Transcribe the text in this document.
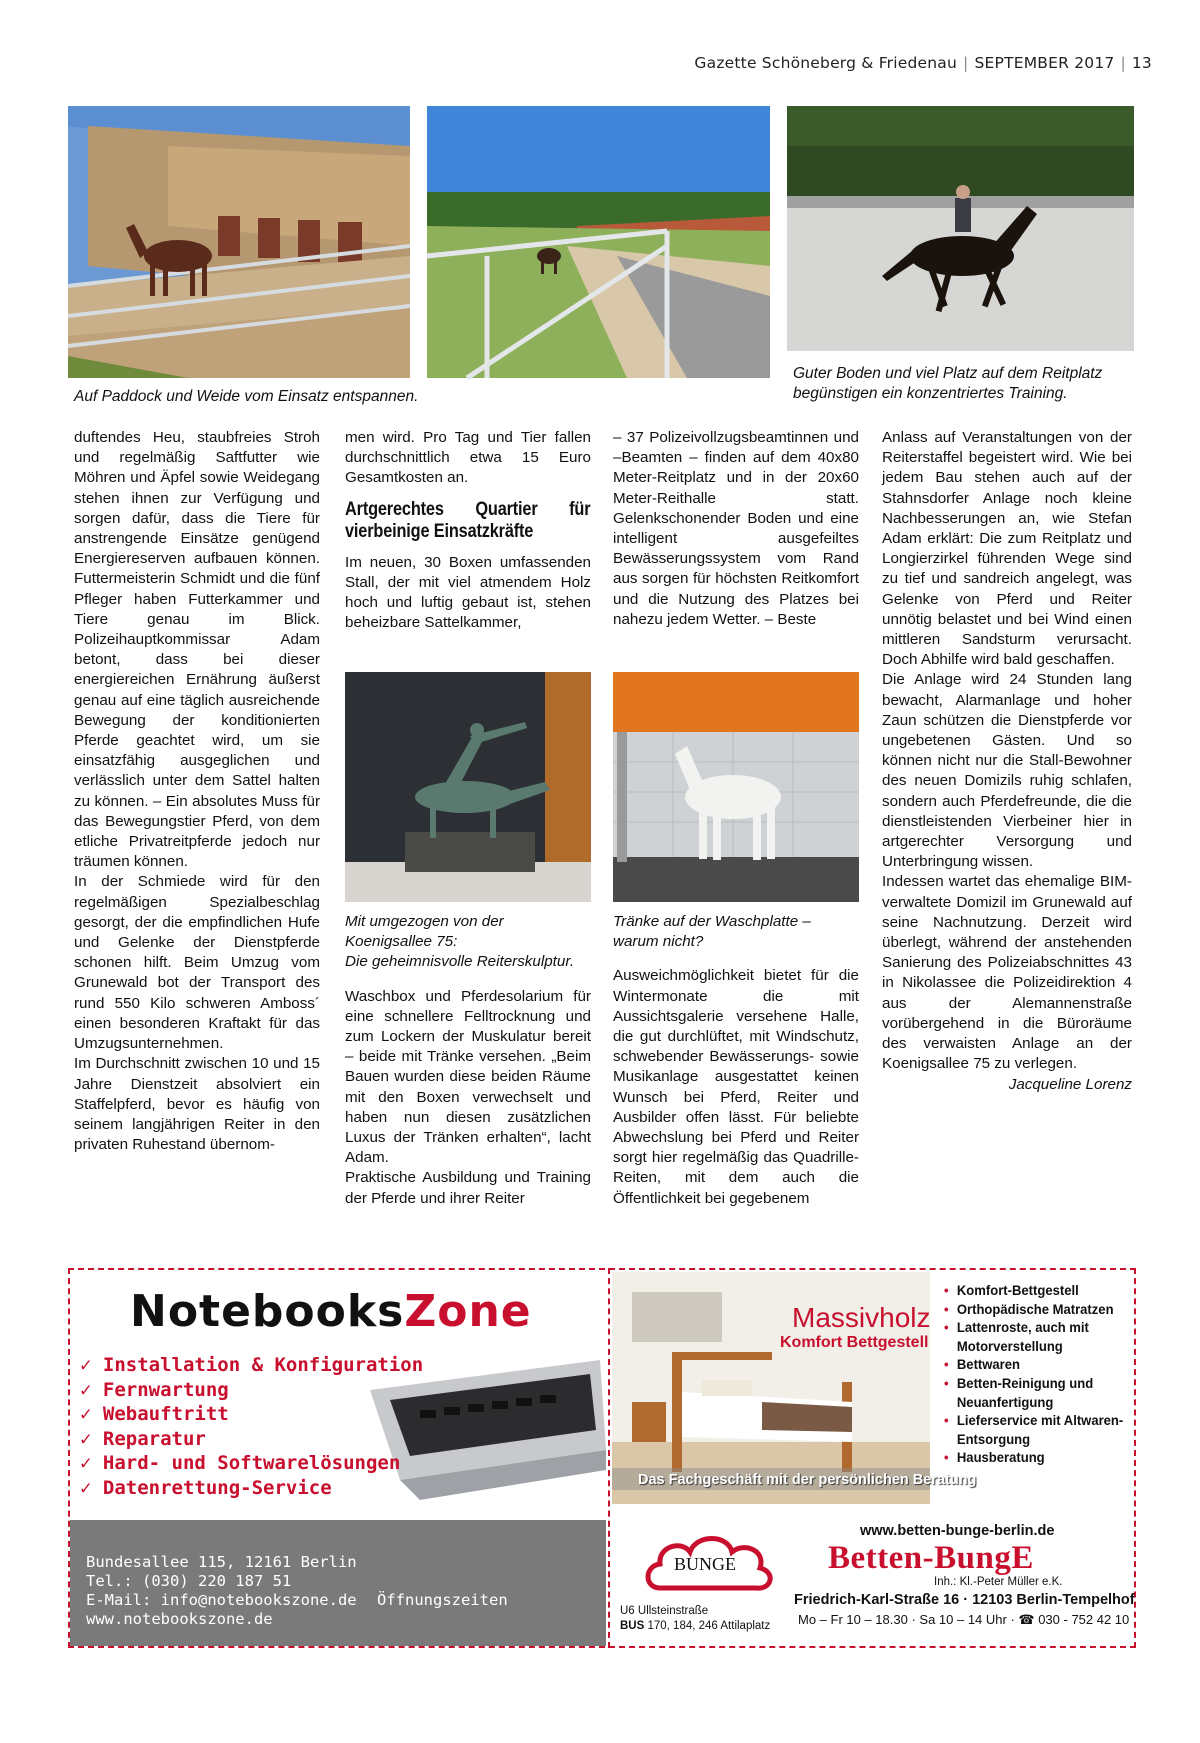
Gazette Schöneberg & Friedenau | SEPTEMBER 2017 | 13
Auf Paddock und Weide vom Einsatz entspannen.
Guter Boden und viel Platz auf dem Reitplatz
begünstigen ein konzentriertes Training.

duftendes Heu, staubfreies Stroh und regelmäßig Saftfutter wie Möhren und Äpfel sowie Weidegang stehen ihnen zur Verfügung und sorgen dafür, dass die Tiere für anstrengende Einsätze genügend Energiereserven aufbauen können. Futtermeisterin Schmidt und die fünf Pfleger haben Futterkammer und Tiere genau im Blick. Polizeihauptkommissar Adam betont, dass bei dieser energiereichen Ernährung äußerst genau auf eine täglich ausreichende Bewegung der konditionierten Pferde geachtet wird, um sie einsatzfähig ausgeglichen und verlässlich unter dem Sattel halten zu können. – Ein absolutes Muss für das Bewegungstier Pferd, von dem etliche Privatreitpferde jedoch nur träumen können.

In der Schmiede wird für den regelmäßigen Spezialbeschlag gesorgt, der die empfindlichen Hufe und Gelenke der Dienstpferde schonen hilft. Beim Umzug vom Grunewald bot der Transport des rund 550 Kilo schweren Amboss´ einen besonderen Kraftakt für das Umzugsunternehmen.

Im Durchschnitt zwischen 10 und 15 Jahre Dienstzeit absolviert ein Staffelpferd, bevor es häufig von seinem langjährigen Reiter in den privaten Ruhestand übernom-

men wird. Pro Tag und Tier fallen durchschnittlich etwa 15 Euro Gesamtkosten an.

Artgerechtes Quartier für vierbeinige Einsatzkräfte

Im neuen, 30 Boxen umfassenden Stall, der mit viel atmendem Holz hoch und luftig gebaut ist, stehen beheizbare Sattelkammer,

Mit umgezogen von der

Koenigsallee 75:

Die geheimnisvolle Reiterskulptur.

Waschbox und Pferdesolarium für eine schnellere Felltrocknung und zum Lockern der Muskulatur bereit – beide mit Tränke versehen. „Beim Bauen wurden diese beiden Räume mit den Boxen verwechselt und haben nun diesen zusätzlichen Luxus der Tränken erhalten“, lacht Adam.

Praktische Ausbildung und Training der Pferde und ihrer Reiter

– 37 Polizeivollzugsbeamtinnen und –Beamten – finden auf dem 40x80 Meter-Reitplatz und in der 20x60 Meter-Reithalle statt. Gelenkschonender Boden und eine intelligent ausgefeiltes Bewässerungssystem vom Rand aus sorgen für höchsten Reitkomfort und die Nutzung des Platzes bei nahezu jedem Wetter. – Beste

Tränke auf der Waschplatte –

warum nicht?

Ausweichmöglichkeit bietet für die Wintermonate die mit Aussichtsgalerie versehene Halle, die gut durchlüftet, mit Windschutz, schwebender Bewässerungs- sowie Musikanlage ausgestattet keinen Wunsch bei Pferd, Reiter und Ausbilder offen lässt. Für beliebte Abwechslung bei Pferd und Reiter sorgt hier regelmäßig das Quadrille-Reiten, mit dem auch die Öffentlichkeit bei gegebenem

Anlass auf Veranstaltungen von der Reiterstaffel begeistert wird. Wie bei jedem Bau stehen auch auf der Stahnsdorfer Anlage noch kleine Nachbesserungen an, wie Stefan Adam erklärt: Die zum Reitplatz und Longierzirkel führenden Wege sind zu tief und sandreich angelegt, was Gelenke von Pferd und Reiter unnötig belastet und bei Wind einen mittleren Sandsturm verursacht. Doch Abhilfe wird bald geschaffen.

Die Anlage wird 24 Stunden lang bewacht, Alarmanlage und hoher Zaun schützen die Dienstpferde vor ungebetenen Gästen. Und so können nicht nur die Stall-Bewohner des neuen Domizils ruhig schlafen, sondern auch Pferdefreunde, die die dienstleistenden Vierbeiner hier in artgerechter Versorgung und Unterbringung wissen.

Indessen wartet das ehemalige BIM-verwaltete Domizil im Grunewald auf seine Nachnutzung. Derzeit wird überlegt, während der anstehenden Sanierung des Polizeiabschnittes 43 in Nikolassee die Polizeidirektion 4 aus der Alemannenstraße vorübergehend in die Büroräume des verwaisten Anlage an der Koenigsallee 75 zu verlegen.

Jacqueline Lorenz

NotebooksZone
✓ Installation & Konfiguration
✓ Fernwartung
✓ Webauftritt
✓ Reparatur
✓ Hard- und Softwarelösungen
✓ Datenrettung-Service
Bundesallee 115, 12161 Berlin
Tel.: (030) 220 187 51
E-Mail: info@notebookszone.de
www.notebookszone.de

Öffnungszeiten

Mo-Fr  10.00-18.00 Uhr

Sa       10.00-14.00 Uhr

Massivholz
Komfort Bettgestell
Das Fachgeschäft mit der persönlichen Beratung
• Komfort-Bettgestell
• Orthopädische Matratzen
• Lattenroste, auch mit Motorverstellung
• Bettwaren
• Betten-Reinigung und Neuanfertigung
• Lieferservice mit Altwaren-Entsorgung
• Hausberatung
www.betten-bunge-berlin.de
BUNGE	Betten-BungE
Inh.: Kl.-Peter Müller e.K.
Friedrich-Karl-Straße 16 · 12103 Berlin-Tempelhof
Mo – Fr 10 – 18.30 · Sa 10 – 14 Uhr · ☎ 030 - 752 42 10
U6 Ullsteinstraße
BUS 170, 184, 246 Attilaplatz
